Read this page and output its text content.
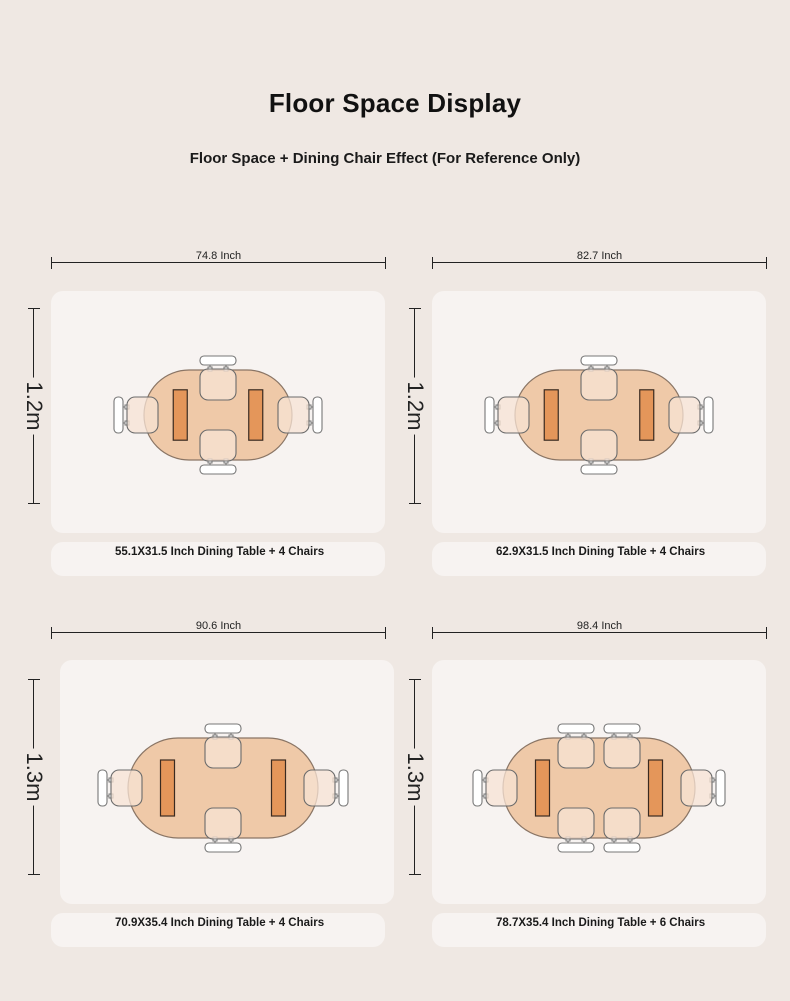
Floor Space Display
Floor Space + Dining Chair Effect (For Reference Only)
74.8 Inch
1.2m
55.1X31.5 Inch Dining Table + 4 Chairs
82.7 Inch
1.2m
62.9X31.5 Inch Dining Table + 4 Chairs
90.6 Inch
1.3m
70.9X35.4 Inch Dining Table + 4 Chairs
98.4 Inch
1.3m
78.7X35.4 Inch Dining Table + 6 Chairs
